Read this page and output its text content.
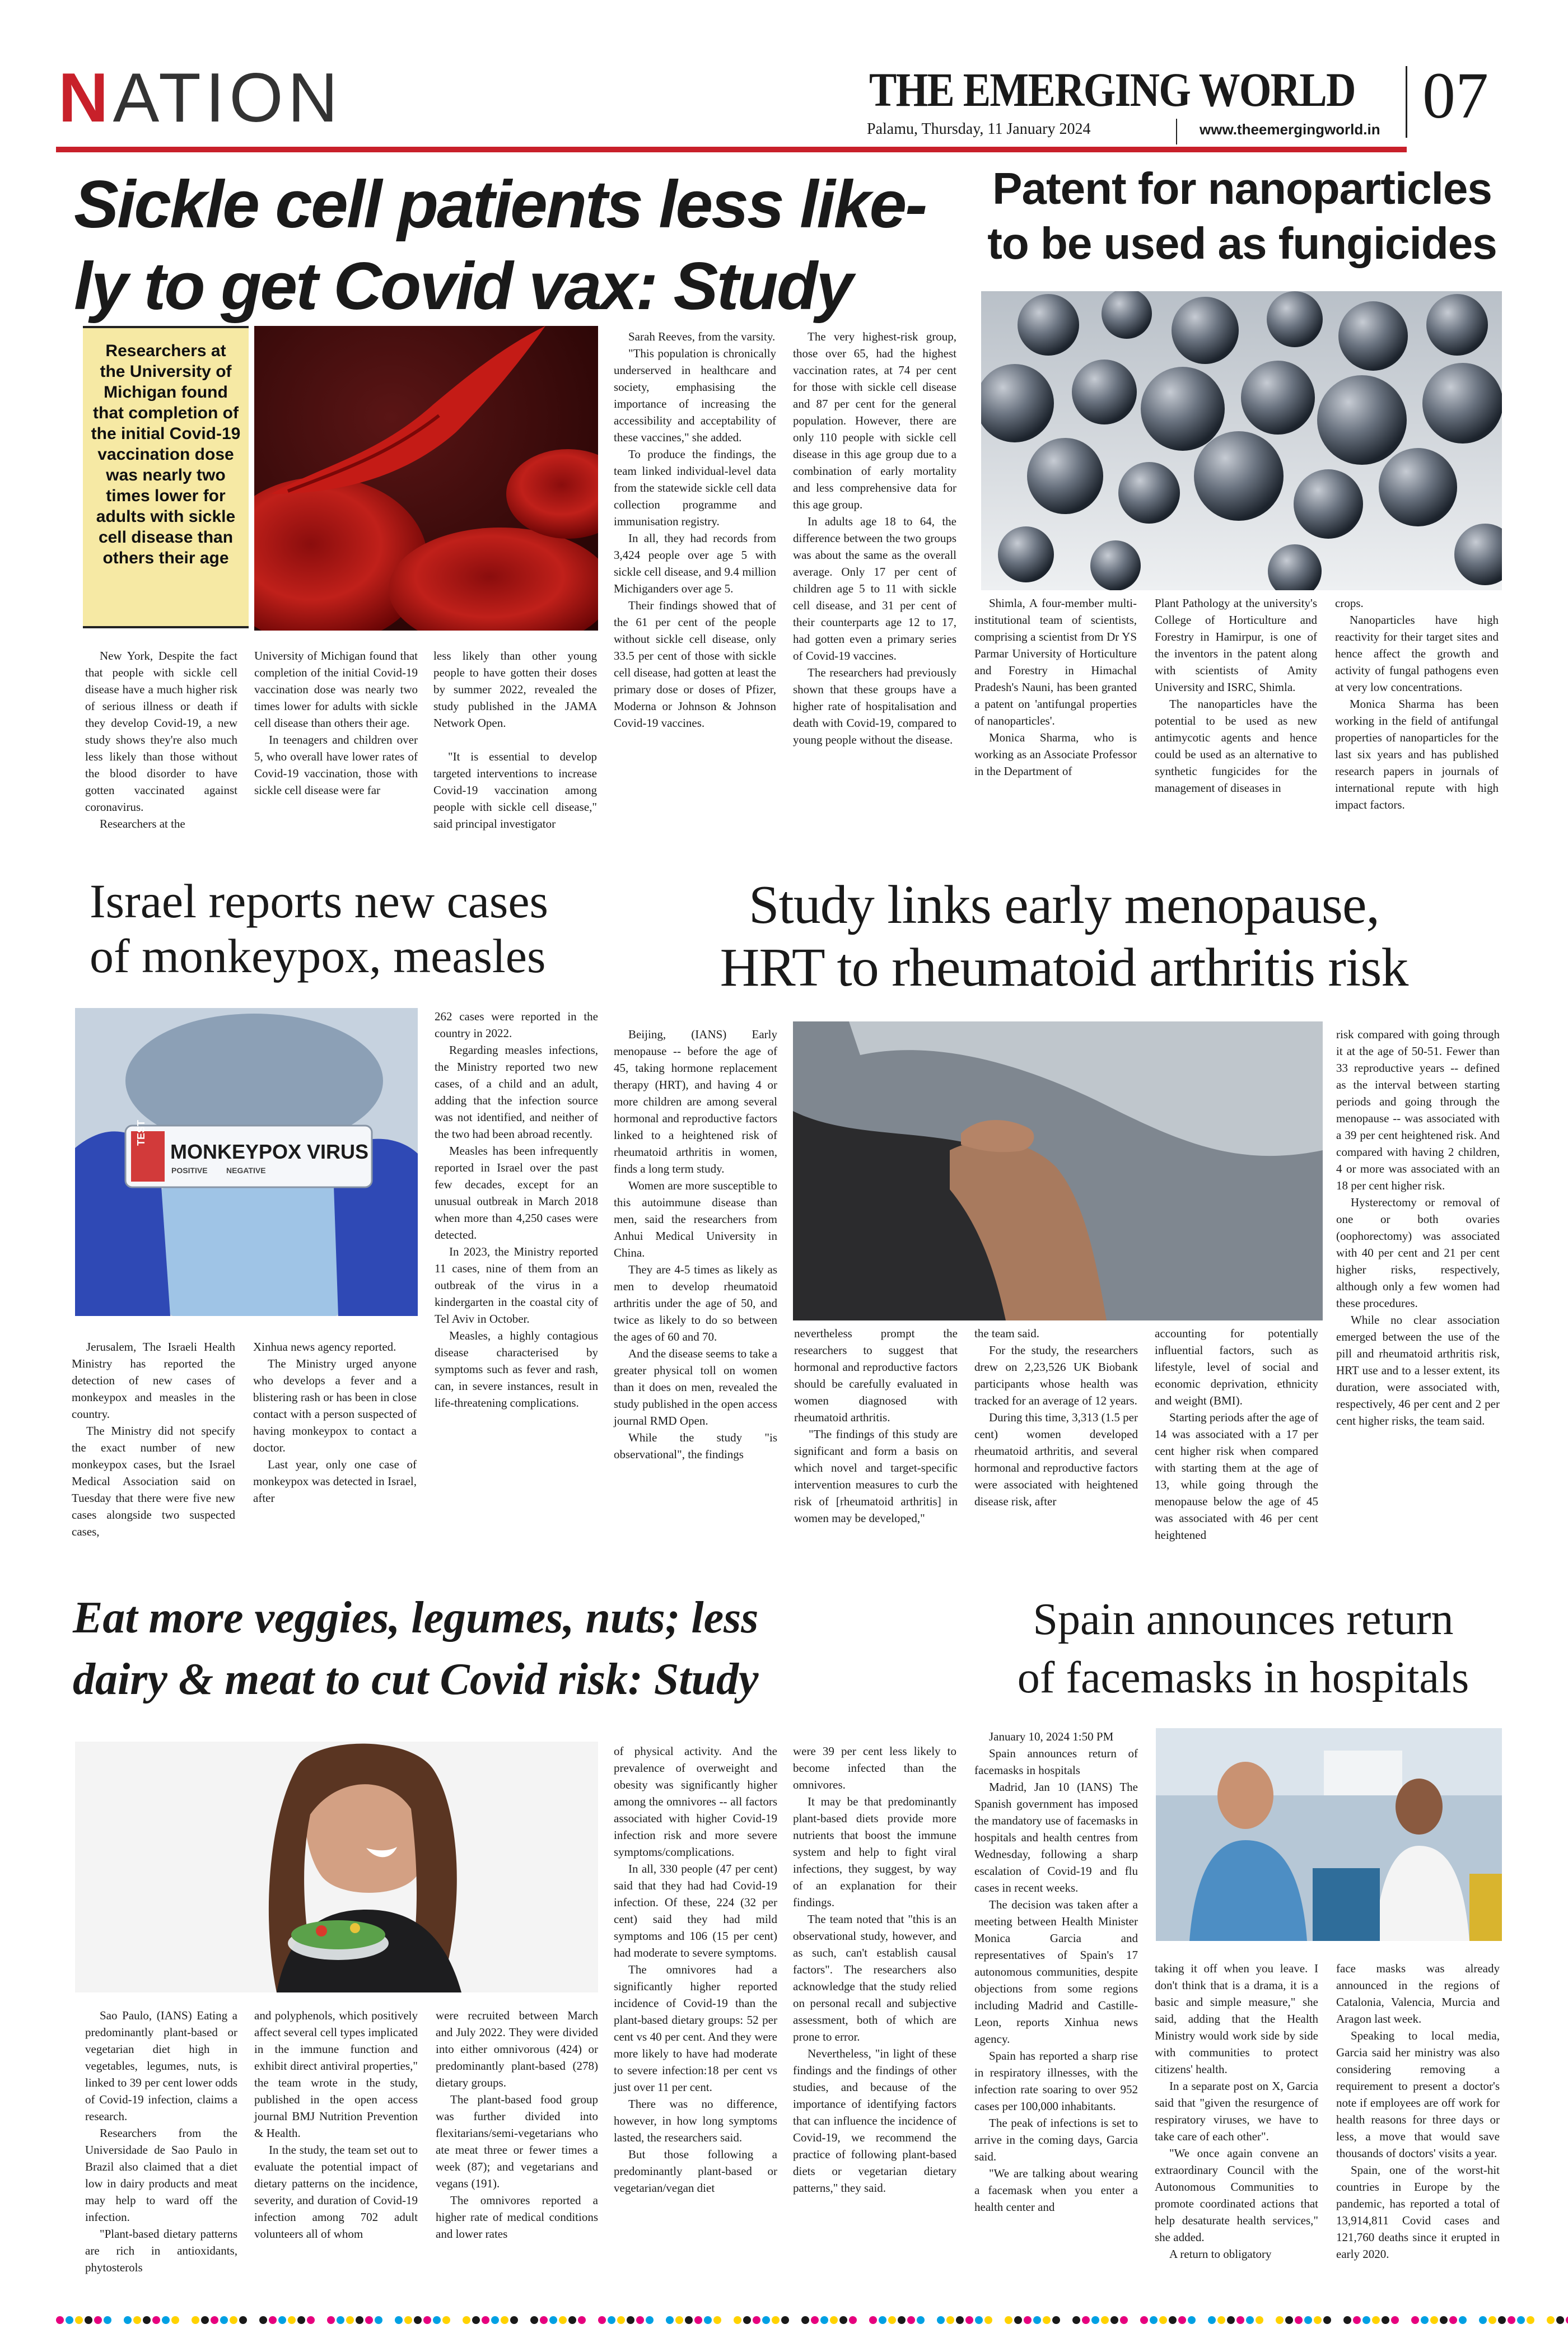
NATION	THE EMERGING WORLD 07
Palamu, Thursday, 11 January 2024	www.theemergingworld.in
Sickle cell patients less like-
ly to get Covid vax: Study
Researchers at the University of Michigan found that completion of the initial Covid-19 vaccination dose was nearly two times lower for adults with sickle cell disease than others their age

New York, Despite the fact that people with sickle cell disease have a much higher risk of serious illness or death if they develop Covid-19, a new study shows they're also much less likely than those without the blood disorder to have gotten vaccinated against coronavirus.

Researchers at the

University of Michigan found that completion of the initial Covid-19 vaccination dose was nearly two times lower for adults with sickle cell disease than others their age.

In teenagers and children over 5, who overall have lower rates of Covid-19 vaccination, those with sickle cell disease were far

less likely than other young people to have gotten their doses by summer 2022, revealed the study published in the JAMA Network Open.

"It is essential to develop targeted interventions to increase Covid-19 vaccination among people with sickle cell disease," said principal investigator

Sarah Reeves, from the varsity.

"This population is chronically underserved in healthcare and society, emphasising the importance of increasing the accessibility and acceptability of these vaccines," she added.

To produce the findings, the team linked individual-level data from the statewide sickle cell data collection programme and immunisation registry.

In all, they had records from 3,424 people over age 5 with sickle cell disease, and 9.4 million Michiganders over age 5.

Their findings showed that of the 61 per cent of the people without sickle cell disease, only 33.5 per cent of those with sickle cell disease, had gotten at least the primary dose or doses of Pfizer, Moderna or Johnson & Johnson Covid-19 vaccines.

The very highest-risk group, those over 65, had the highest vaccination rates, at 74 per cent for those with sickle cell disease and 87 per cent for the general population. However, there are only 110 people with sickle cell disease in this age group due to a combination of early mortality and less comprehensive data for this age group.

In adults age 18 to 64, the difference between the two groups was about the same as the overall average. Only 17 per cent of children age 5 to 11 with sickle cell disease, and 31 per cent of their counterparts age 12 to 17, had gotten even a primary series of Covid-19 vaccines.

The researchers had previously shown that these groups have a higher rate of hospitalisation and death with Covid-19, compared to young people without the disease.

Patent for nanoparticles
to be used as fungicides

Shimla, A four-member multi-institutional team of scientists, comprising a scientist from Dr YS Parmar University of Horticulture and Forestry in Himachal Pradesh's Nauni, has been granted a patent on 'antifungal properties of nanoparticles'.

Monica Sharma, who is working as an Associate Professor in the Department of

Plant Pathology at the university's College of Horticulture and Forestry in Hamirpur, is one of the inventors in the patent along with scientists of Amity University and ISRC, Shimla.

The nanoparticles have the potential to be used as new antimycotic agents and hence could be used as an alternative to synthetic fungicides for the management of diseases in

crops.

Nanoparticles have high reactivity for their target sites and hence affect the growth and activity of fungal pathogens even at very low concentrations.

Monica Sharma has been working in the field of antifungal properties of nanoparticles for the last six years and has published research papers in journals of international repute with high impact factors.

Israel reports new cases
of monkeypox, measles
TEST
MONKEYPOX VIRUS
POSITIVE NEGATIVE

Jerusalem, The Israeli Health Ministry has reported the detection of new cases of monkeypox and measles in the country.

The Ministry did not specify the exact number of new monkeypox cases, but the Israel Medical Association said on Tuesday that there were five new cases alongside two suspected cases,

Xinhua news agency reported.

The Ministry urged anyone who develops a fever and a blistering rash or has been in close contact with a person suspected of having monkeypox to contact a doctor.

Last year, only one case of monkeypox was detected in Israel, after

262 cases were reported in the country in 2022.

Regarding measles infections, the Ministry reported two new cases, of a child and an adult, adding that the infection source was not identified, and neither of the two had been abroad recently.

Measles has been infrequently reported in Israel over the past few decades, except for an unusual outbreak in March 2018 when more than 4,250 cases were detected.

In 2023, the Ministry reported 11 cases, nine of them from an outbreak of the virus in a kindergarten in the coastal city of Tel Aviv in October.

Measles, a highly contagious disease characterised by symptoms such as fever and rash, can, in severe instances, result in life-threatening complications.

Study links early menopause,
HRT to rheumatoid arthritis risk

Beijing, (IANS) Early menopause -- before the age of 45, taking hormone replacement therapy (HRT), and having 4 or more children are among several hormonal and reproductive factors linked to a heightened risk of rheumatoid arthritis in women, finds a long term study.

Women are more susceptible to this autoimmune disease than men, said the researchers from Anhui Medical University in China.

They are 4-5 times as likely as men to develop rheumatoid arthritis under the age of 50, and twice as likely to do so between the ages of 60 and 70.

And the disease seems to take a greater physical toll on women than it does on men, revealed the study published in the open access journal RMD Open.

While the study "is observational", the findings

nevertheless prompt the researchers to suggest that hormonal and reproductive factors should be carefully evaluated in women diagnosed with rheumatoid arthritis.

"The findings of this study are significant and form a basis on which novel and target-specific intervention measures to curb the risk of [rheumatoid arthritis] in women may be developed,"

the team said.

For the study, the researchers drew on 2,23,526 UK Biobank participants whose health was tracked for an average of 12 years.

During this time, 3,313 (1.5 per cent) women developed rheumatoid arthritis, and several hormonal and reproductive factors were associated with heightened disease risk, after

accounting for potentially influential factors, such as lifestyle, level of social and economic deprivation, ethnicity and weight (BMI).

Starting periods after the age of 14 was associated with a 17 per cent higher risk when compared with starting them at the age of 13, while going through the menopause below the age of 45 was associated with 46 per cent heightened

risk compared with going through it at the age of 50-51. Fewer than 33 reproductive years -- defined as the interval between starting periods and going through the menopause -- was associated with a 39 per cent heightened risk. And compared with having 2 children, 4 or more was associated with an 18 per cent higher risk.

Hysterectomy or removal of one or both ovaries (oophorectomy) was associated with 40 per cent and 21 per cent higher risks, respectively, although only a few women had these procedures.

While no clear association emerged between the use of the pill and rheumatoid arthritis risk, HRT use and to a lesser extent, its duration, were associated with, respectively, 46 per cent and 2 per cent higher risks, the team said.

Eat more veggies, legumes, nuts; less
dairy & meat to cut Covid risk: Study

Sao Paulo, (IANS) Eating a predominantly plant-based or vegetarian diet high in vegetables, legumes, nuts, is linked to 39 per cent lower odds of Covid-19 infection, claims a research.

Researchers from the Universidade de Sao Paulo in Brazil also claimed that a diet low in dairy products and meat may help to ward off the infection.

"Plant-based dietary patterns are rich in antioxidants, phytosterols

and polyphenols, which positively affect several cell types implicated in the immune function and exhibit direct antiviral properties," the team wrote in the study, published in the open access journal BMJ Nutrition Prevention & Health.

In the study, the team set out to evaluate the potential impact of dietary patterns on the incidence, severity, and duration of Covid-19 infection among 702 adult volunteers all of whom

were recruited between March and July 2022. They were divided into either omnivorous (424) or predominantly plant-based (278) dietary groups.

The plant-based food group was further divided into flexitarians/semi-vegetarians who ate meat three or fewer times a week (87); and vegetarians and vegans (191).

The omnivores reported a higher rate of medical conditions and lower rates

of physical activity. And the prevalence of overweight and obesity was significantly higher among the omnivores -- all factors associated with higher Covid-19 infection risk and more severe symptoms/complications.

In all, 330 people (47 per cent) said that they had had Covid-19 infection. Of these, 224 (32 per cent) said they had mild symptoms and 106 (15 per cent) had moderate to severe symptoms.

The omnivores had a significantly higher reported incidence of Covid-19 than the plant-based dietary groups: 52 per cent vs 40 per cent. And they were more likely to have had moderate to severe infection:18 per cent vs just over 11 per cent.

There was no difference, however, in how long symptoms lasted, the researchers said.

But those following a predominantly plant-based or vegetarian/vegan diet

were 39 per cent less likely to become infected than the omnivores.

It may be that predominantly plant-based diets provide more nutrients that boost the immune system and help to fight viral infections, they suggest, by way of an explanation for their findings.

The team noted that "this is an observational study, however, and as such, can't establish causal factors". The researchers also acknowledge that the study relied on personal recall and subjective assessment, both of which are prone to error.

Nevertheless, "in light of these findings and the findings of other studies, and because of the importance of identifying factors that can influence the incidence of Covid-19, we recommend the practice of following plant-based diets or vegetarian dietary patterns," they said.

Spain announces return
of facemasks in hospitals

January 10, 2024 1:50 PM

Spain announces return of facemasks in hospitals

Madrid, Jan 10 (IANS) The Spanish government has imposed the mandatory use of facemasks in hospitals and health centres from Wednesday, following a sharp escalation of Covid-19 and flu cases in recent weeks.

The decision was taken after a meeting between Health Minister Monica Garcia and representatives of Spain's 17 autonomous communities, despite objections from some regions including Madrid and Castille-Leon, reports Xinhua news agency.

Spain has reported a sharp rise in respiratory illnesses, with the infection rate soaring to over 952 cases per 100,000 inhabitants.

The peak of infections is set to arrive in the coming days, Garcia said.

"We are talking about wearing a facemask when you enter a health center and

taking it off when you leave. I don't think that is a drama, it is a basic and simple measure," she said, adding that the Health Ministry would work side by side with communities to protect citizens' health.

In a separate post on X, Garcia said that "given the resurgence of respiratory viruses, we have to take care of each other".

"We once again convene an extraordinary Council with the Autonomous Communities to promote coordinated actions that help desaturate health services," she added.

A return to obligatory

face masks was already announced in the regions of Catalonia, Valencia, Murcia and Aragon last week.

Speaking to local media, Garcia said her ministry was also considering removing a requirement to present a doctor's note if employees are off work for health reasons for three days or less, a move that would save thousands of doctors' visits a year.

Spain, one of the worst-hit countries in Europe by the pandemic, has reported a total of 13,914,811 Covid cases and 121,760 deaths since it erupted in early 2020.
